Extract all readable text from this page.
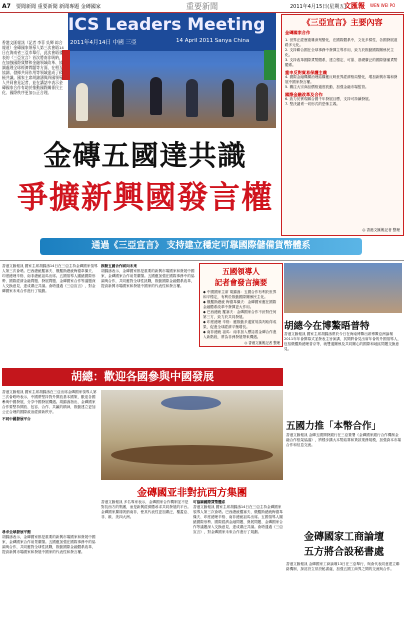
A7 要聞新聞 重要新聞 新聞專題 金磚國家	重要新聞	2011年4月15日(星期五)
文匯報 WEN WEI PO
ICS Leaders Meeting
2011年4月14日 中國 三亞	14 April 2011 Sanya China
香港文匯報訊（記者 李菲 吳輝 綜合報道）金磚國家領導人第三次會晤14日在海南省三亞市舉行，此次會晤發表的《三亞宣言》首次將南非吸納，在加強國際貨幣和金融領域改革、協調處理全球經濟問題等方面，在相互協調、發揮共同作用等領域達成了積極共識。國家主席胡錦濤與四國領導人共同會見記者，並在講話中表示金磚國家合作有助於推動國際關係民主化、國際秩序更加公正合理。
《三亞宣言》主要內容
金磚國家合作
1. 世界正經歷複雜深刻變化，在國際體系中，文化多樣性，各國發展道路多元化。
2. 支持聯合國在全球事務中發揮主導作用，致力於推動國際關係民主化。
3. 支持改革國際貨幣體系，建立穩定、可靠、基礎廣泛的國際儲備貨幣體系。
重申反對貿易保護主義
4. 國際金融機構治理結構應反映世界經濟格局變化，增加新興市場和發展中國家發言權。
5. 關注大宗商品價格過度波動，加強金融市場監管。
國際金融改革及合作
6. 致力於實現聯合國千年發展目標，支持可持續發展。
7. 堅決譴責一切形式的恐怖主義。
◎ 香港文匯報記者 整理
金磚五國達共識
爭擴新興國發言權
通過《三亞宣言》 支持建立穩定可靠國際儲備貨幣體系
香港文匯報訊 國家主席胡錦濤14日在三亞主持金磚國家領導人第三次會晤。巴西總統羅塞夫、俄羅斯總統梅德韋傑夫、印度總理辛格、南非總統祖馬出席。五國領導人圍繞國際形勢、國際經濟金融問題、發展問題、金磚國家合作等議題深入交換意見，達成廣泛共識。會晤通過《三亞宣言》，對金磚國家未來合作進行了規劃。
推動五國合作面向未來
胡錦濤表示，金磚國家都是重要的新興市場國家和發展中國家，金磚國家合作前景廣闊。五國應加強在國際事務中的協調與合作，共同應對全球性挑戰，推動國際金融體系改革，提高新興市場國家和發展中國家的代表性和發言權。
五國領導人
記者會發言摘要
◆ 中國國家主席 胡錦濤：五國合作有利於世界和平穩定，有利於推動國際關係民主化。
◆ 俄羅斯總統 梅德韋傑夫：金磚國家應在國際金融體系改革中發揮更大作用。
◆ 巴西總統 羅塞夫：金磚國家合作不針對任何第三方，致力於共同發展。
◆ 印度總理 辛格：應推動多邊貿易談判取得成果，促進全球經濟平衡增長。
◆ 南非總統 祖馬：南非加入標誌着金磚合作進入新階段，將為非洲發展帶來機遇。
◎ 香港文匯報記者 整理
胡總今在博鰲晤普特
香港文匯報訊 國家主席胡錦濤將於今日在海南博鰲出席博鰲亞洲論壇2011年年會開幕式並發表主旨演講，其間將會見出席年會的外國領導人，包括俄羅斯總理普京等，就雙邊關係及共同關心的國際和地區問題交換意見。
胡總：歡迎各國參與中國發展
香港文匯報訊 國家主席胡錦濤在三亞出席金磚國家領導人第三次會晤時表示，中國將堅持對外開放基本國策，歡迎各國參與中國發展，分享中國發展機遇。胡錦濤指出，金磚國家合作要堅持開放、包容、合作、共贏的精神，推動建立更加公正合理的國際政治經濟新秩序。
不同中國發展平台
尋求全球發展平衡
胡錦濤表示，金磚國家都是重要的新興市場國家和發展中國家，金磚國家合作前景廣闊。五國應加強在國際事務中的協調與合作，共同應對全球性挑戰，推動國際金融體系改革，提高新興市場國家和發展中國家的代表性和發言權。
金磚國亚非對抗西方集團
香港文匯報訊 多名專家表示，金磚國家合作機制並不是對抗西方的集團，而是新興經濟體尋求共同發展的平台。金磚國家擴員吸納南非，使其代表性更加廣泛，覆蓋亞、非、歐、美四大洲。
可協調國際貨幣體系
香港文匯報訊 國家主席胡錦濤14日在三亞主持金磚國家領導人第三次會晤。巴西總統羅塞夫、俄羅斯總統梅德韋傑夫、印度總理辛格、南非總統祖馬出席。五國領導人圍繞國際形勢、國際經濟金融問題、發展問題、金磚國家合作等議題深入交換意見，達成廣泛共識。會晤通過《三亞宣言》，對金磚國家未來合作進行了規劃。
五國力推「本幣合作」
香港文匯報訊 金磚五國開發銀行在三亞簽署《金磚國家銀行合作機制金融合作框架協議》，將穩步擴大本幣結算和貸款業務規模，加強資本市場合作和信息交流。
金磚國家工商論壇
五方將合設秘書處
香港文匯報訊 金磚國家工商論壇13日在三亞舉行，與會代表同意建立聯絡機制，探討設立常設秘書處，加強五國工商界之間的交流與合作。
